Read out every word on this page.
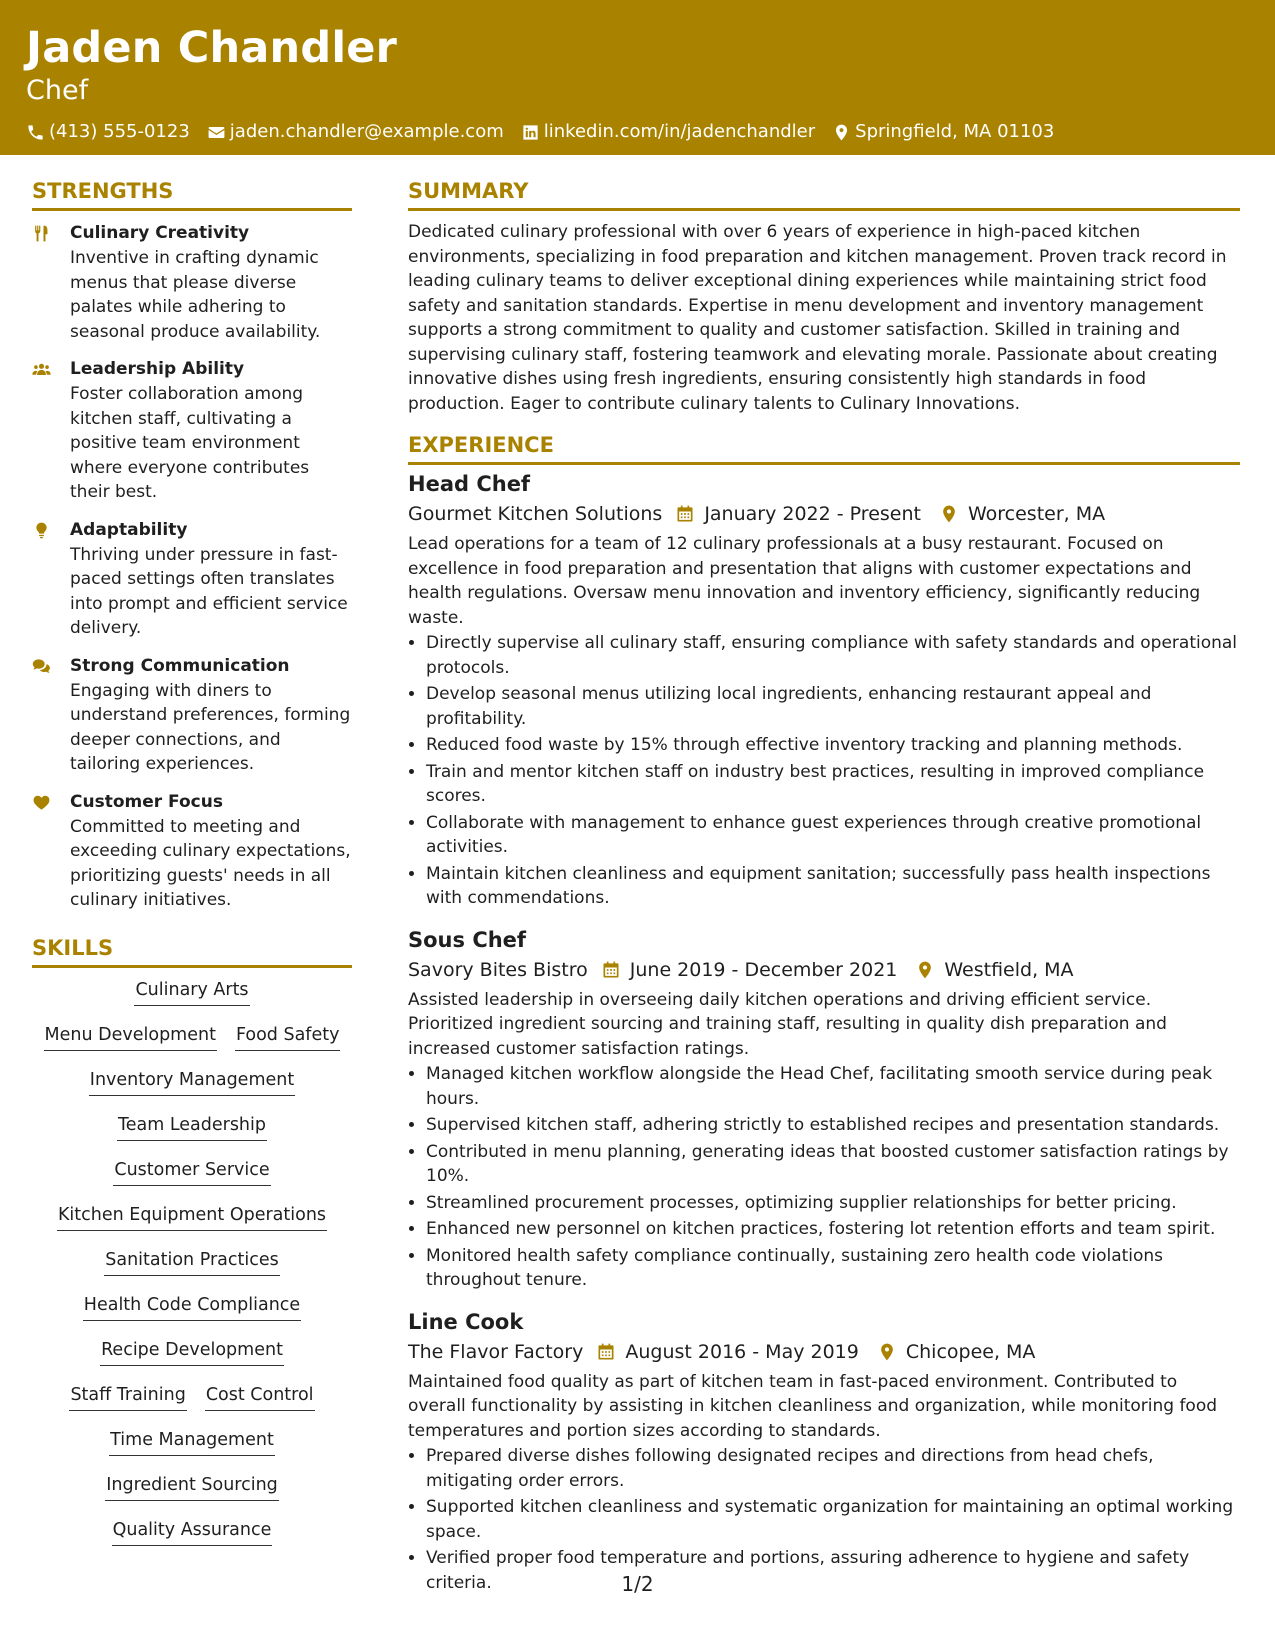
Jaden Chandler
Chef
(413) 555-0123 jaden.chandler@example.com linkedin.com/in/jadenchandler Springfield, MA 01103
STRENGTHS
Culinary Creativity
Inventive in crafting dynamic menus that please diverse palates while adhering to seasonal produce availability.
Leadership Ability
Foster collaboration among kitchen staff, cultivating a positive team environment where everyone contributes their best.
Adaptability
Thriving under pressure in fast-paced settings often translates into prompt and efficient service delivery.
Strong Communication
Engaging with diners to understand preferences, forming deeper connections, and tailoring experiences.
Customer Focus
Committed to meeting and exceeding culinary expectations, prioritizing guests' needs in all culinary initiatives.
SKILLS
Culinary Arts
Menu Development Food Safety
Inventory Management
Team Leadership
Customer Service
Kitchen Equipment Operations
Sanitation Practices
Health Code Compliance
Recipe Development
Staff Training Cost Control
Time Management
Ingredient Sourcing
Quality Assurance
SUMMARY
Dedicated culinary professional with over 6 years of experience in high-paced kitchen environments, specializing in food preparation and kitchen management. Proven track record in leading culinary teams to deliver exceptional dining experiences while maintaining strict food safety and sanitation standards. Expertise in menu development and inventory management supports a strong commitment to quality and customer satisfaction. Skilled in training and supervising culinary staff, fostering teamwork and elevating morale. Passionate about creating innovative dishes using fresh ingredients, ensuring consistently high standards in food production. Eager to contribute culinary talents to Culinary Innovations.
EXPERIENCE
Head Chef
Gourmet Kitchen Solutions January 2022 - Present Worcester, MA
Lead operations for a team of 12 culinary professionals at a busy restaurant. Focused on excellence in food preparation and presentation that aligns with customer expectations and health regulations. Oversaw menu innovation and inventory efficiency, significantly reducing waste.
• Directly supervise all culinary staff, ensuring compliance with safety standards and operational protocols.
• Develop seasonal menus utilizing local ingredients, enhancing restaurant appeal and profitability.
• Reduced food waste by 15% through effective inventory tracking and planning methods.
• Train and mentor kitchen staff on industry best practices, resulting in improved compliance scores.
• Collaborate with management to enhance guest experiences through creative promotional activities.
• Maintain kitchen cleanliness and equipment sanitation; successfully pass health inspections with commendations.
Sous Chef
Savory Bites Bistro June 2019 - December 2021 Westfield, MA
Assisted leadership in overseeing daily kitchen operations and driving efficient service. Prioritized ingredient sourcing and training staff, resulting in quality dish preparation and increased customer satisfaction ratings.
• Managed kitchen workflow alongside the Head Chef, facilitating smooth service during peak hours.
• Supervised kitchen staff, adhering strictly to established recipes and presentation standards.
• Contributed in menu planning, generating ideas that boosted customer satisfaction ratings by 10%.
• Streamlined procurement processes, optimizing supplier relationships for better pricing.
• Enhanced new personnel on kitchen practices, fostering lot retention efforts and team spirit.
• Monitored health safety compliance continually, sustaining zero health code violations throughout tenure.
Line Cook
The Flavor Factory August 2016 - May 2019 Chicopee, MA
Maintained food quality as part of kitchen team in fast-paced environment. Contributed to overall functionality by assisting in kitchen cleanliness and organization, while monitoring food temperatures and portion sizes according to standards.
• Prepared diverse dishes following designated recipes and directions from head chefs, mitigating order errors.
• Supported kitchen cleanliness and systematic organization for maintaining an optimal working space.
• Verified proper food temperature and portions, assuring adherence to hygiene and safety criteria.	1/2
